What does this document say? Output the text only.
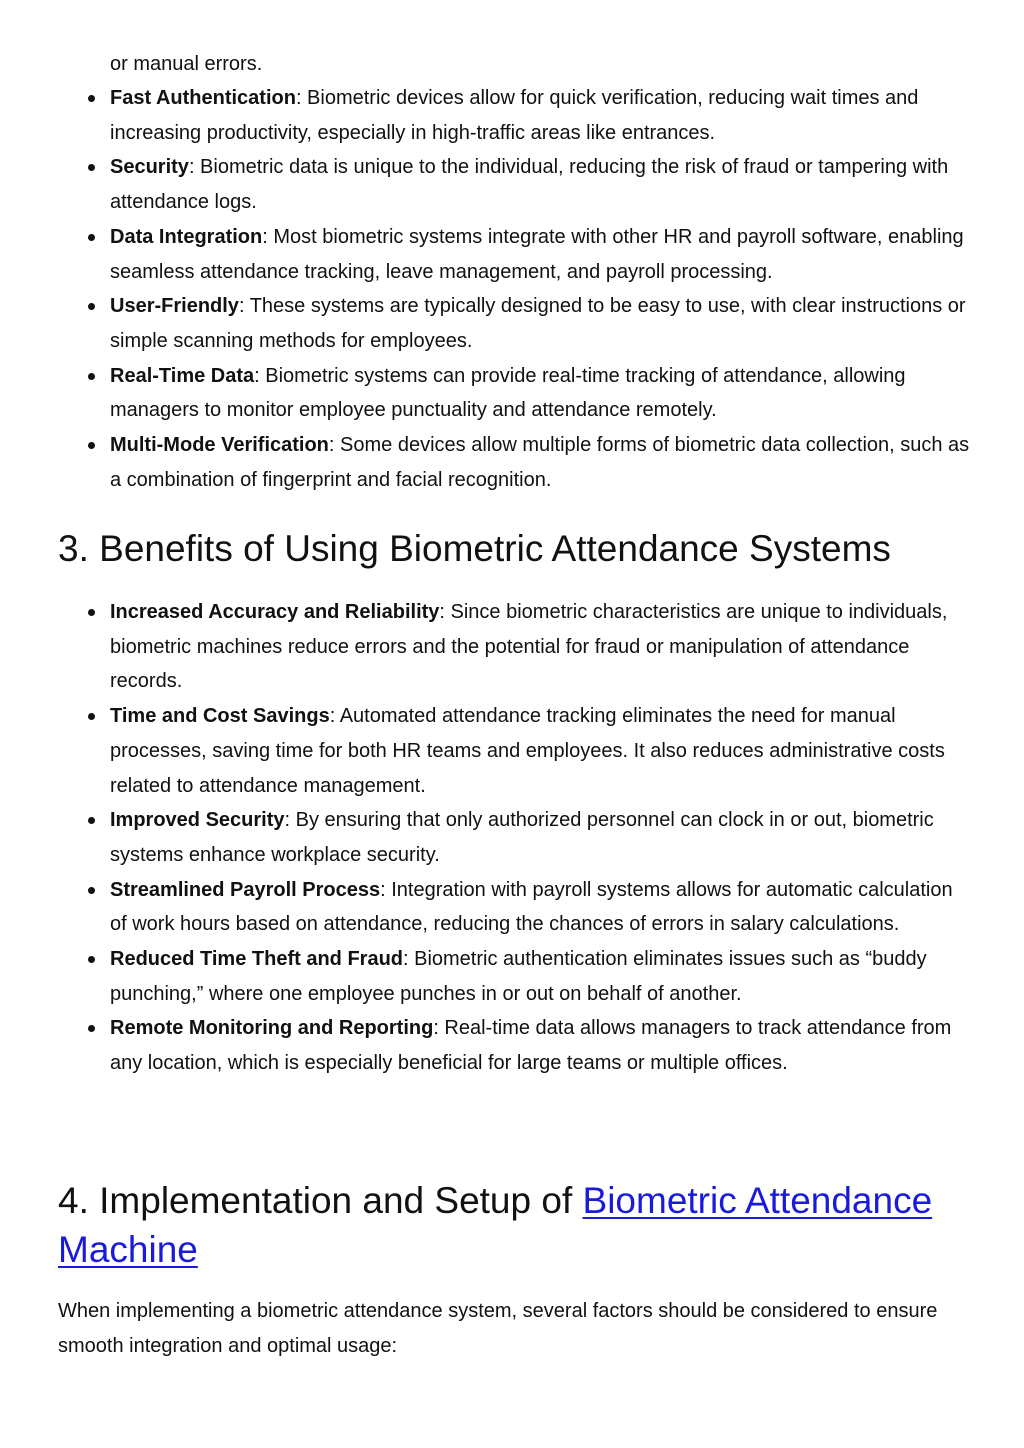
or manual errors.

Fast Authentication: Biometric devices allow for quick verification, reducing wait times and increasing productivity, especially in high-traffic areas like entrances.
Security: Biometric data is unique to the individual, reducing the risk of fraud or tampering with attendance logs.
Data Integration: Most biometric systems integrate with other HR and payroll software, enabling seamless attendance tracking, leave management, and payroll processing.
User-Friendly: These systems are typically designed to be easy to use, with clear instructions or simple scanning methods for employees.
Real-Time Data: Biometric systems can provide real-time tracking of attendance, allowing managers to monitor employee punctuality and attendance remotely.
Multi-Mode Verification: Some devices allow multiple forms of biometric data collection, such as a combination of fingerprint and facial recognition.
3. Benefits of Using Biometric Attendance Systems
Increased Accuracy and Reliability: Since biometric characteristics are unique to individuals, biometric machines reduce errors and the potential for fraud or manipulation of attendance records.
Time and Cost Savings: Automated attendance tracking eliminates the need for manual processes, saving time for both HR teams and employees. It also reduces administrative costs related to attendance management.
Improved Security: By ensuring that only authorized personnel can clock in or out, biometric systems enhance workplace security.
Streamlined Payroll Process: Integration with payroll systems allows for automatic calculation of work hours based on attendance, reducing the chances of errors in salary calculations.
Reduced Time Theft and Fraud: Biometric authentication eliminates issues such as “buddy punching,” where one employee punches in or out on behalf of another.
Remote Monitoring and Reporting: Real-time data allows managers to track attendance from any location, which is especially beneficial for large teams or multiple offices.
4. Implementation and Setup of Biometric Attendance Machine

When implementing a biometric attendance system, several factors should be considered to ensure smooth integration and optimal usage:
